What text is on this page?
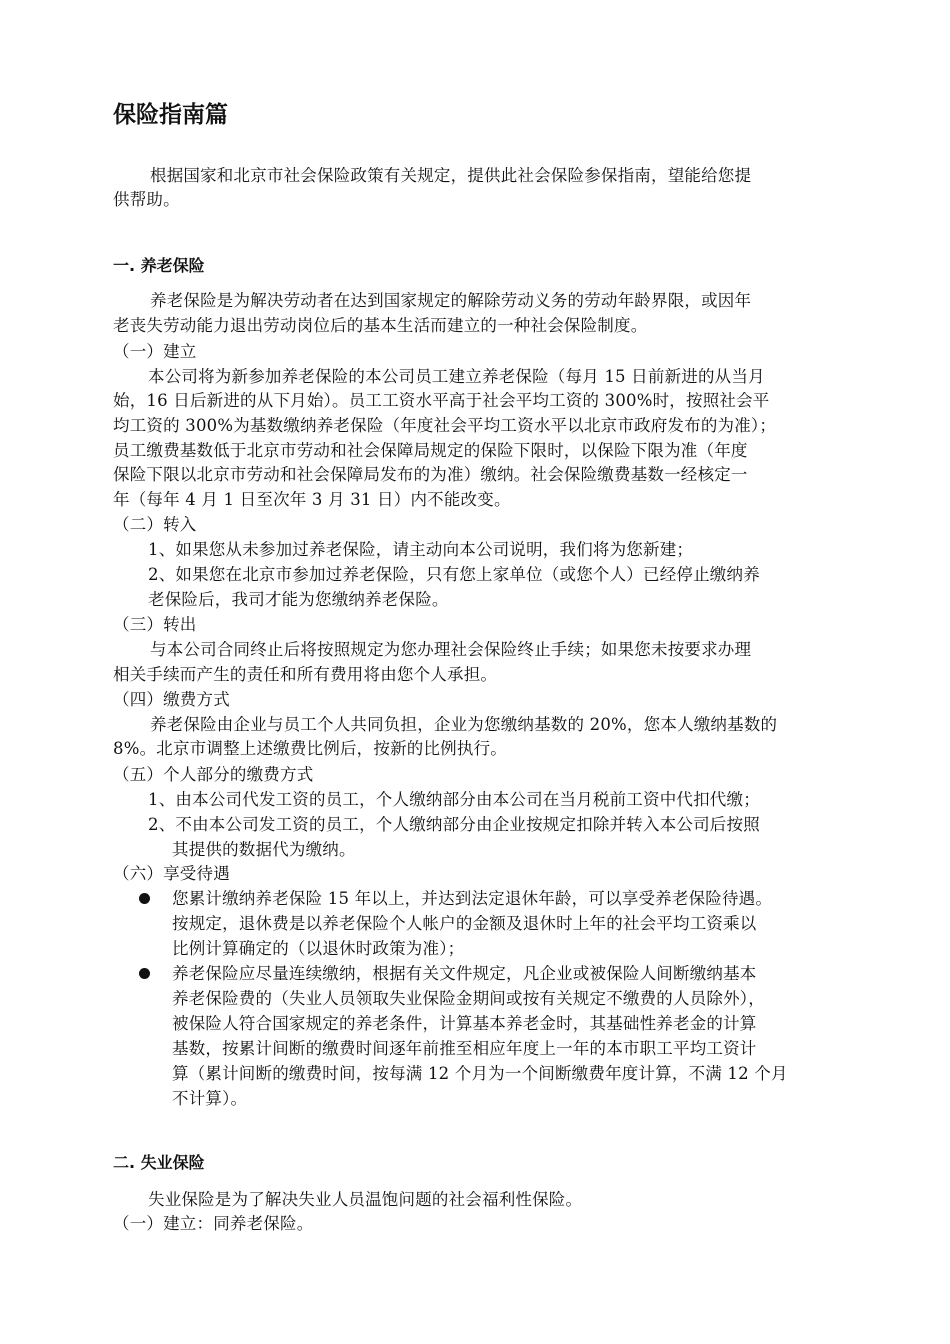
保险指南篇
根据国家和北京市社会保险政策有关规定，提供此社会保险参保指南，望能给您提
供帮助。
一. 养老保险
养老保险是为解决劳动者在达到国家规定的解除劳动义务的劳动年龄界限，或因年
老丧失劳动能力退出劳动岗位后的基本生活而建立的一种社会保险制度。
（一）建立
本公司将为新参加养老保险的本公司员工建立养老保险（每月 15 日前新进的从当月
始，16 日后新进的从下月始）。员工工资水平高于社会平均工资的 300%时，按照社会平
均工资的 300%为基数缴纳养老保险（年度社会平均工资水平以北京市政府发布的为准）；
员工缴费基数低于北京市劳动和社会保障局规定的保险下限时，以保险下限为准（年度
保险下限以北京市劳动和社会保障局发布的为准）缴纳。社会保险缴费基数一经核定一
年（每年 4 月 1 日至次年 3 月 31 日）内不能改变。
（二）转入
1、如果您从未参加过养老保险，请主动向本公司说明，我们将为您新建；
2、如果您在北京市参加过养老保险，只有您上家单位（或您个人）已经停止缴纳养
老保险后，我司才能为您缴纳养老保险。
（三）转出
与本公司合同终止后将按照规定为您办理社会保险终止手续；如果您未按要求办理
相关手续而产生的责任和所有费用将由您个人承担。
（四）缴费方式
养老保险由企业与员工个人共同负担，企业为您缴纳基数的 20%，您本人缴纳基数的
8%。北京市调整上述缴费比例后，按新的比例执行。
（五）个人部分的缴费方式
1、由本公司代发工资的员工，个人缴纳部分由本公司在当月税前工资中代扣代缴；
2、不由本公司发工资的员工，个人缴纳部分由企业按规定扣除并转入本公司后按照
其提供的数据代为缴纳。
（六）享受待遇
您累计缴纳养老保险 15 年以上，并达到法定退休年龄，可以享受养老保险待遇。
按规定，退休费是以养老保险个人帐户的金额及退休时上年的社会平均工资乘以
比例计算确定的（以退休时政策为准）；
养老保险应尽量连续缴纳，根据有关文件规定，凡企业或被保险人间断缴纳基本
养老保险费的（失业人员领取失业保险金期间或按有关规定不缴费的人员除外），
被保险人符合国家规定的养老条件，计算基本养老金时，其基础性养老金的计算
基数，按累计间断的缴费时间逐年前推至相应年度上一年的本市职工平均工资计
算（累计间断的缴费时间，按每满 12 个月为一个间断缴费年度计算，不满 12 个月
不计算）。
二. 失业保险
失业保险是为了解决失业人员温饱问题的社会福利性保险。
（一）建立：同养老保险。
